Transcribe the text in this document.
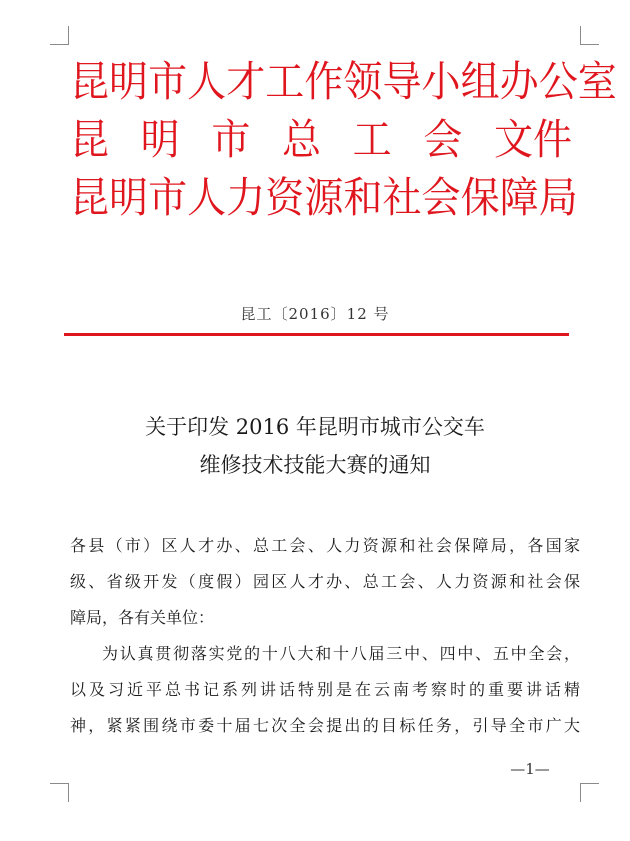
昆明市人才工作领导小组办公室
昆 明 市 总 工 会 文件
昆明市人力资源和社会保障局
昆工〔2016〕12 号
关于印发 2016 年昆明市城市公交车
维修技术技能大赛的通知

各县（市）区人才办、总工会、人力资源和社会保障局，各国家

级、省级开发（度假）园区人才办、总工会、人力资源和社会保

障局，各有关单位：

为认真贯彻落实党的十八大和十八届三中、四中、五中全会，

以及习近平总书记系列讲话特别是在云南考察时的重要讲话精

神，紧紧围绕市委十届七次全会提出的目标任务，引导全市广大

—1—
